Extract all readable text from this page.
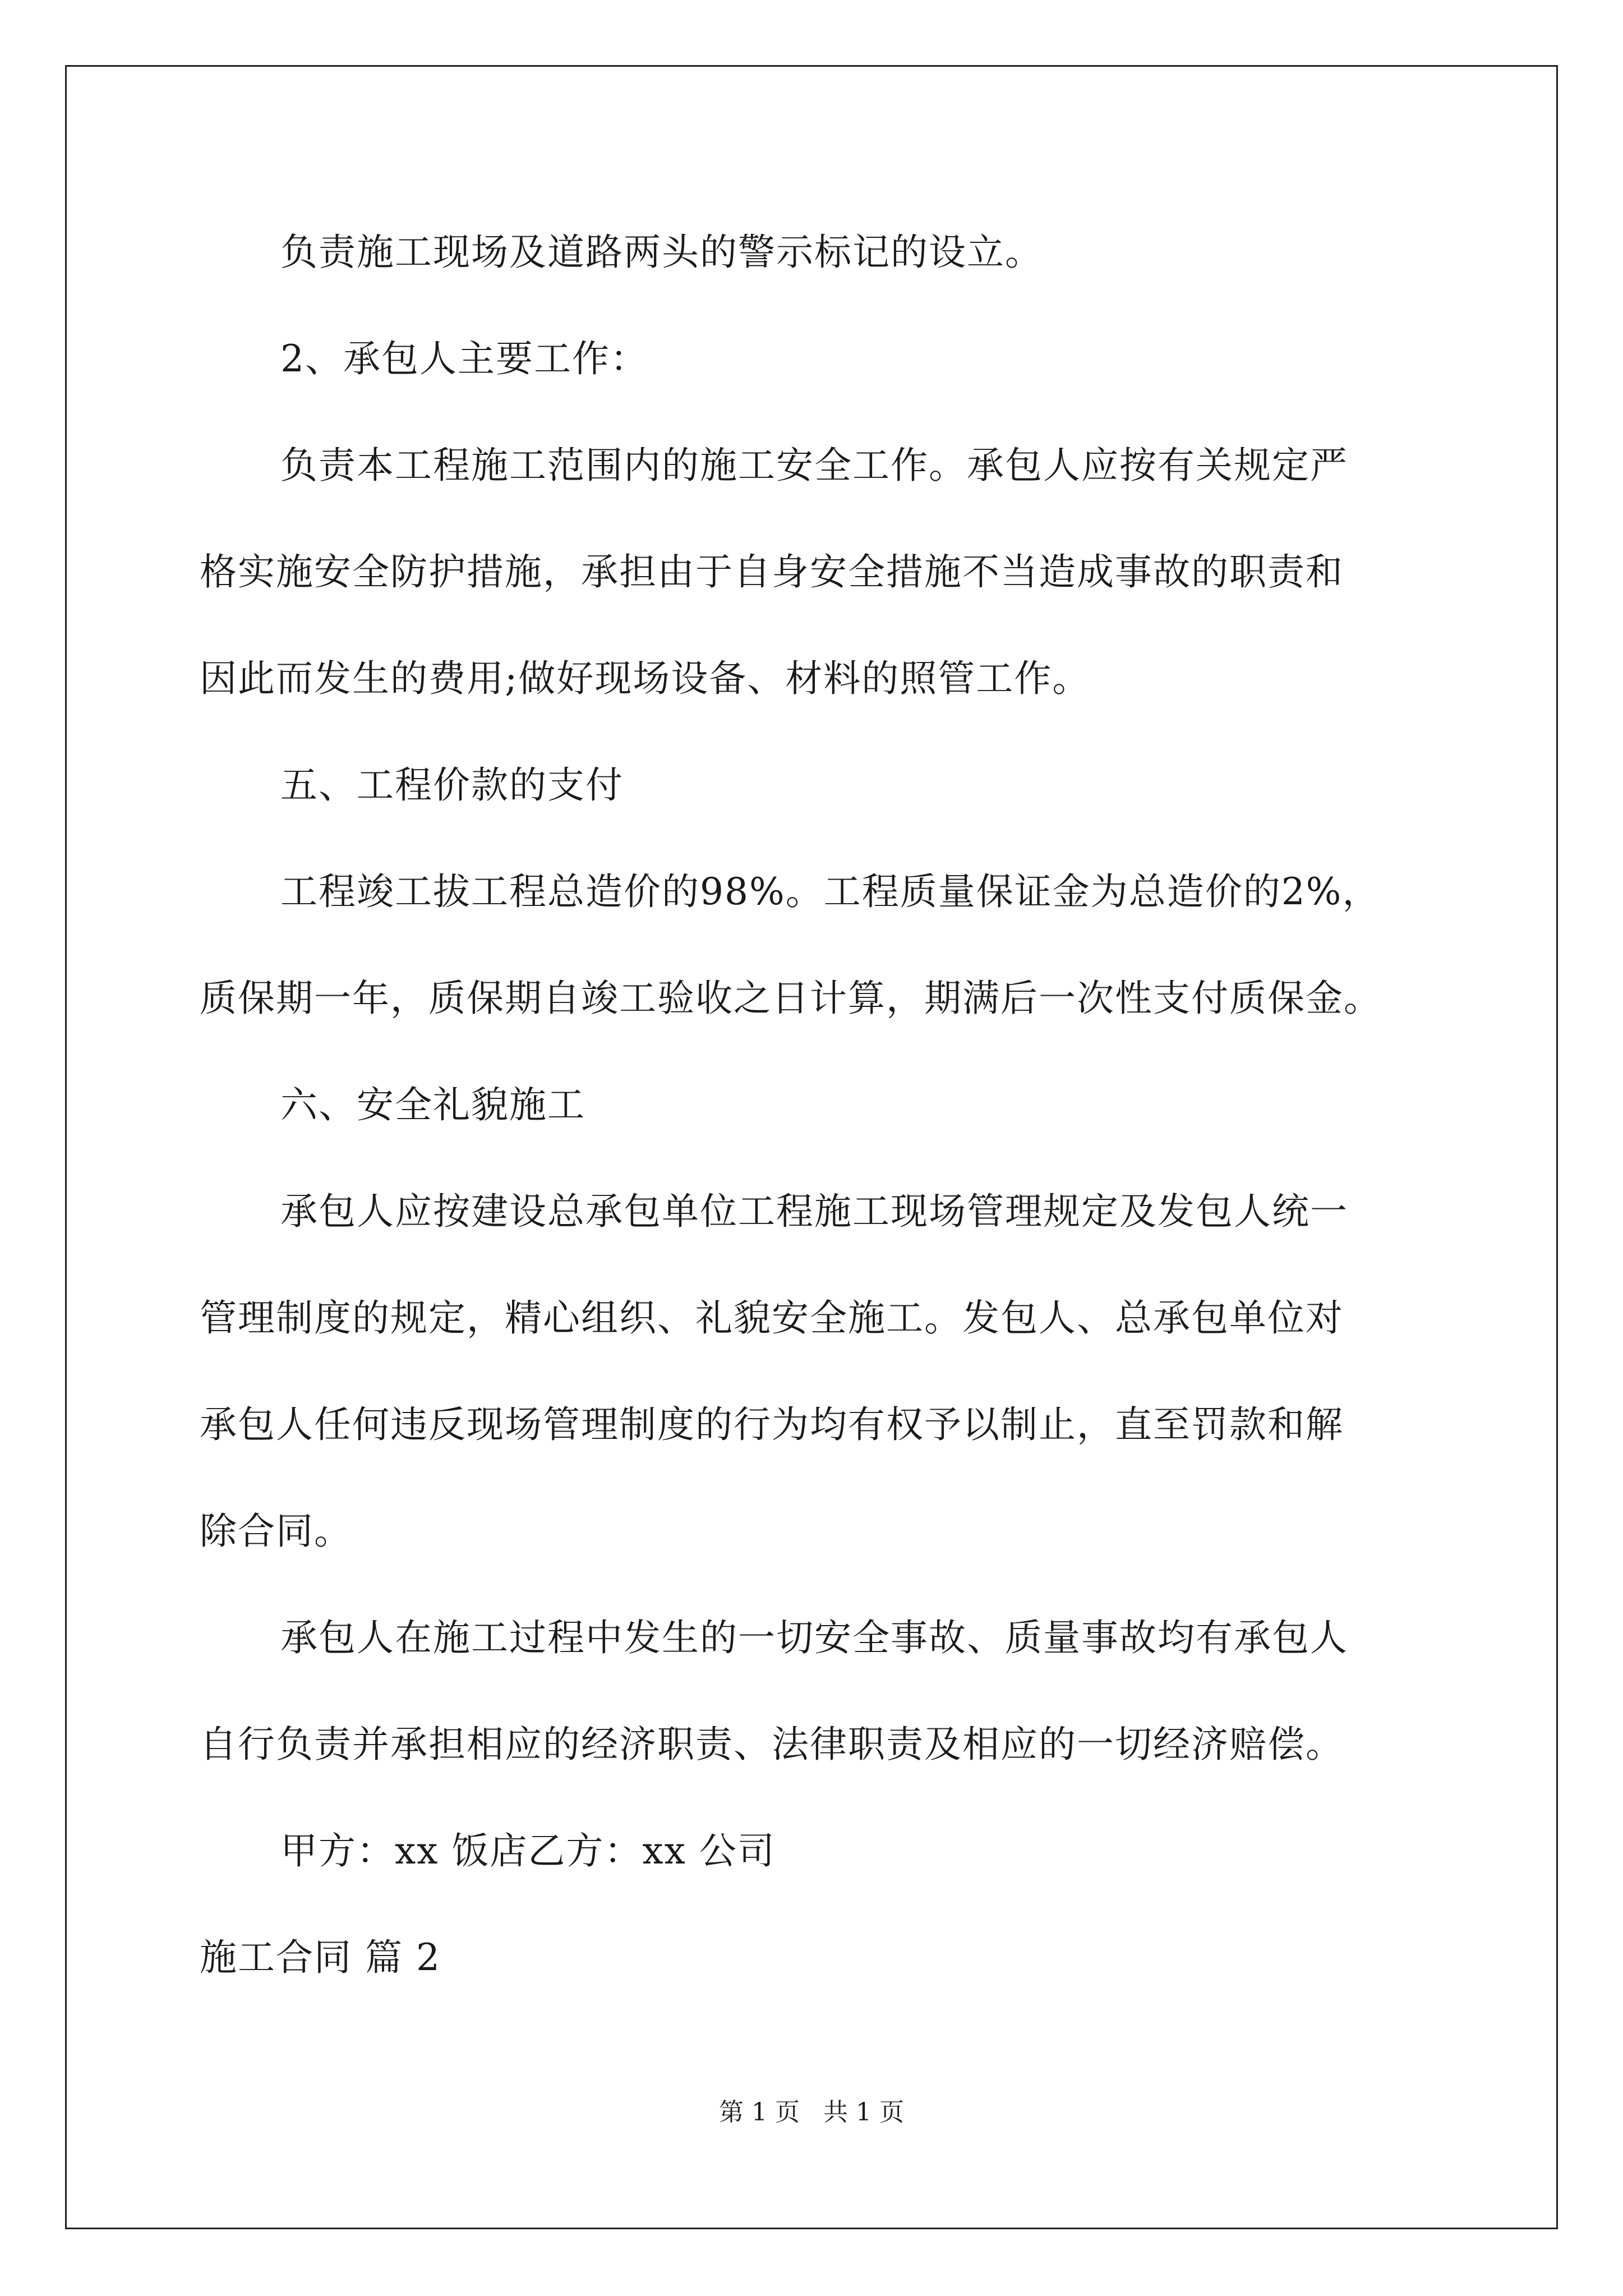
负责施工现场及道路两头的警示标记的设立。

2、承包人主要工作：

负责本工程施工范围内的施工安全工作。承包人应按有关规定严

格实施安全防护措施，承担由于自身安全措施不当造成事故的职责和

因此而发生的费用;做好现场设备、材料的照管工作。

五、工程价款的支付

工程竣工拔工程总造价的98%。工程质量保证金为总造价的2%，

质保期一年，质保期自竣工验收之日计算，期满后一次性支付质保金。

六、安全礼貌施工

承包人应按建设总承包单位工程施工现场管理规定及发包人统一

管理制度的规定，精心组织、礼貌安全施工。发包人、总承包单位对

承包人任何违反现场管理制度的行为均有权予以制止，直至罚款和解

除合同。

承包人在施工过程中发生的一切安全事故、质量事故均有承包人

自行负责并承担相应的经济职责、法律职责及相应的一切经济赔偿。

甲方：xx 饭店乙方：xx 公司

施工合同 篇 2

第 1 页   共 1 页
